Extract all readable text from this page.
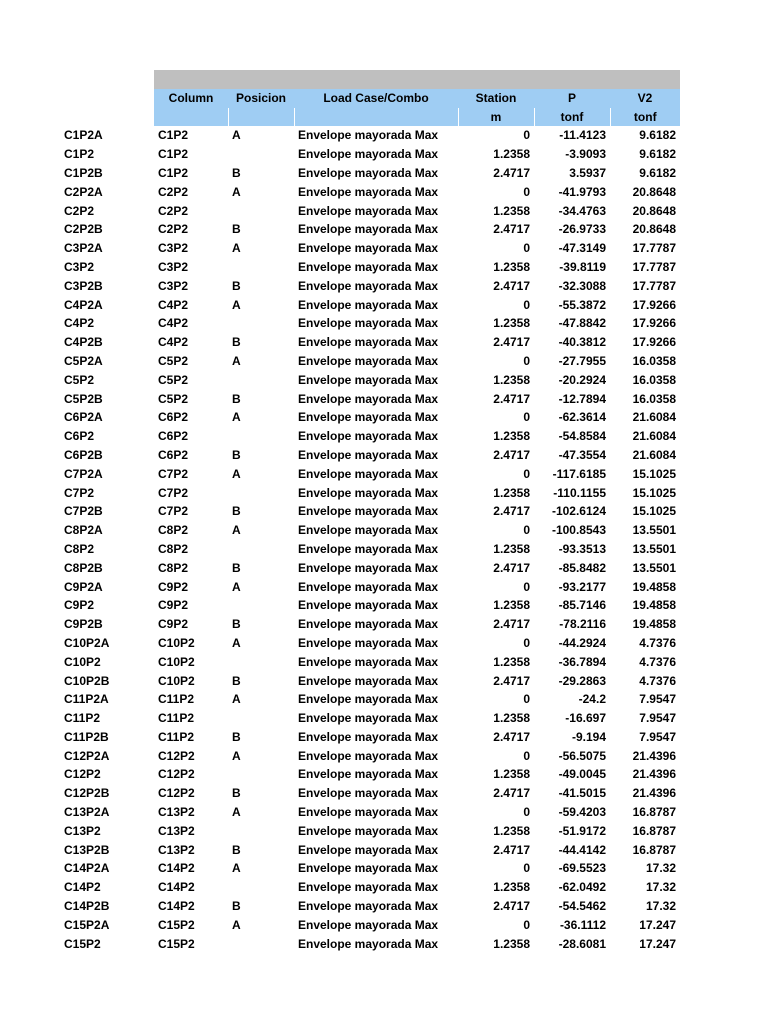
	Column	Posicion	Load Case/Combo	Station	P	V2
				m	tonf	tonf
C1P2A	C1P2	A	Envelope mayorada Max	0	-11.4123	9.6182
C1P2	C1P2		Envelope mayorada Max	1.2358	-3.9093	9.6182
C1P2B	C1P2	B	Envelope mayorada Max	2.4717	3.5937	9.6182
C2P2A	C2P2	A	Envelope mayorada Max	0	-41.9793	20.8648
C2P2	C2P2		Envelope mayorada Max	1.2358	-34.4763	20.8648
C2P2B	C2P2	B	Envelope mayorada Max	2.4717	-26.9733	20.8648
C3P2A	C3P2	A	Envelope mayorada Max	0	-47.3149	17.7787
C3P2	C3P2		Envelope mayorada Max	1.2358	-39.8119	17.7787
C3P2B	C3P2	B	Envelope mayorada Max	2.4717	-32.3088	17.7787
C4P2A	C4P2	A	Envelope mayorada Max	0	-55.3872	17.9266
C4P2	C4P2		Envelope mayorada Max	1.2358	-47.8842	17.9266
C4P2B	C4P2	B	Envelope mayorada Max	2.4717	-40.3812	17.9266
C5P2A	C5P2	A	Envelope mayorada Max	0	-27.7955	16.0358
C5P2	C5P2		Envelope mayorada Max	1.2358	-20.2924	16.0358
C5P2B	C5P2	B	Envelope mayorada Max	2.4717	-12.7894	16.0358
C6P2A	C6P2	A	Envelope mayorada Max	0	-62.3614	21.6084
C6P2	C6P2		Envelope mayorada Max	1.2358	-54.8584	21.6084
C6P2B	C6P2	B	Envelope mayorada Max	2.4717	-47.3554	21.6084
C7P2A	C7P2	A	Envelope mayorada Max	0	-117.6185	15.1025
C7P2	C7P2		Envelope mayorada Max	1.2358	-110.1155	15.1025
C7P2B	C7P2	B	Envelope mayorada Max	2.4717	-102.6124	15.1025
C8P2A	C8P2	A	Envelope mayorada Max	0	-100.8543	13.5501
C8P2	C8P2		Envelope mayorada Max	1.2358	-93.3513	13.5501
C8P2B	C8P2	B	Envelope mayorada Max	2.4717	-85.8482	13.5501
C9P2A	C9P2	A	Envelope mayorada Max	0	-93.2177	19.4858
C9P2	C9P2		Envelope mayorada Max	1.2358	-85.7146	19.4858
C9P2B	C9P2	B	Envelope mayorada Max	2.4717	-78.2116	19.4858
C10P2A	C10P2	A	Envelope mayorada Max	0	-44.2924	4.7376
C10P2	C10P2		Envelope mayorada Max	1.2358	-36.7894	4.7376
C10P2B	C10P2	B	Envelope mayorada Max	2.4717	-29.2863	4.7376
C11P2A	C11P2	A	Envelope mayorada Max	0	-24.2	7.9547
C11P2	C11P2		Envelope mayorada Max	1.2358	-16.697	7.9547
C11P2B	C11P2	B	Envelope mayorada Max	2.4717	-9.194	7.9547
C12P2A	C12P2	A	Envelope mayorada Max	0	-56.5075	21.4396
C12P2	C12P2		Envelope mayorada Max	1.2358	-49.0045	21.4396
C12P2B	C12P2	B	Envelope mayorada Max	2.4717	-41.5015	21.4396
C13P2A	C13P2	A	Envelope mayorada Max	0	-59.4203	16.8787
C13P2	C13P2		Envelope mayorada Max	1.2358	-51.9172	16.8787
C13P2B	C13P2	B	Envelope mayorada Max	2.4717	-44.4142	16.8787
C14P2A	C14P2	A	Envelope mayorada Max	0	-69.5523	17.32
C14P2	C14P2		Envelope mayorada Max	1.2358	-62.0492	17.32
C14P2B	C14P2	B	Envelope mayorada Max	2.4717	-54.5462	17.32
C15P2A	C15P2	A	Envelope mayorada Max	0	-36.1112	17.247
C15P2	C15P2		Envelope mayorada Max	1.2358	-28.6081	17.247
